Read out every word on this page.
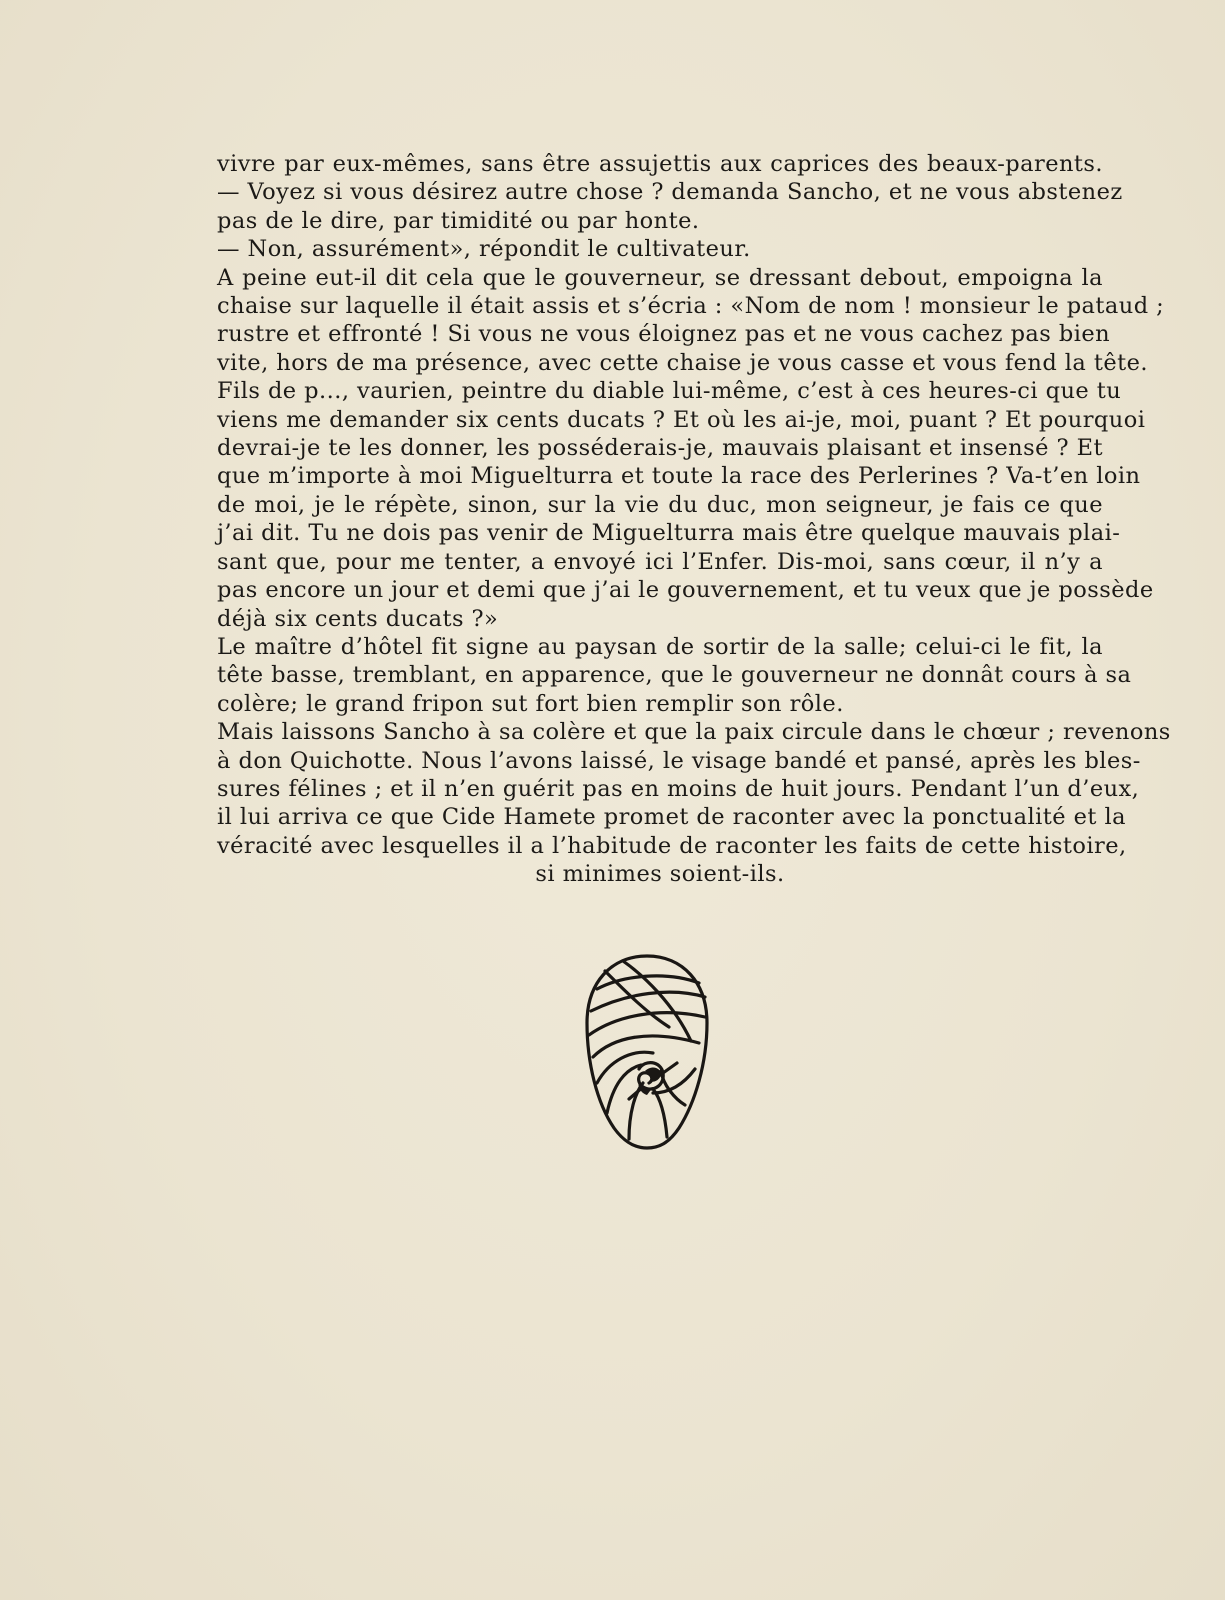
vivre par eux-mêmes, sans être assujettis aux caprices des beaux-parents.
— Voyez si vous désirez autre chose ? demanda Sancho, et ne vous abstenez
pas de le dire, par timidité ou par honte.
— Non, assurément», répondit le cultivateur.
A peine eut-il dit cela que le gouverneur, se dressant debout, empoigna la
chaise sur laquelle il était assis et s’écria : «Nom de nom ! monsieur le pataud ;
rustre et effronté ! Si vous ne vous éloignez pas et ne vous cachez pas bien
vite, hors de ma présence, avec cette chaise je vous casse et vous fend la tête.
Fils de p..., vaurien, peintre du diable lui-même, c’est à ces heures-ci que tu
viens me demander six cents ducats ? Et où les ai-je, moi, puant ? Et pourquoi
devrai-je te les donner, les posséderais-je, mauvais plaisant et insensé ? Et
que m’importe à moi Miguelturra et toute la race des Perlerines ? Va-t’en loin
de moi, je le répète, sinon, sur la vie du duc, mon seigneur, je fais ce que
j’ai dit. Tu ne dois pas venir de Miguelturra mais être quelque mauvais plai-
sant que, pour me tenter, a envoyé ici l’Enfer. Dis-moi, sans cœur, il n’y a
pas encore un jour et demi que j’ai le gouvernement, et tu veux que je possède
déjà six cents ducats ?»
Le maître d’hôtel fit signe au paysan de sortir de la salle; celui-ci le fit, la
tête basse, tremblant, en apparence, que le gouverneur ne donnât cours à sa
colère; le grand fripon sut fort bien remplir son rôle.
Mais laissons Sancho à sa colère et que la paix circule dans le chœur ; revenons
à don Quichotte. Nous l’avons laissé, le visage bandé et pansé, après les bles-
sures félines ; et il n’en guérit pas en moins de huit jours. Pendant l’un d’eux,
il lui arriva ce que Cide Hamete promet de raconter avec la ponctualité et la
véracité avec lesquelles il a l’habitude de raconter les faits de cette histoire,
si minimes soient-ils.
